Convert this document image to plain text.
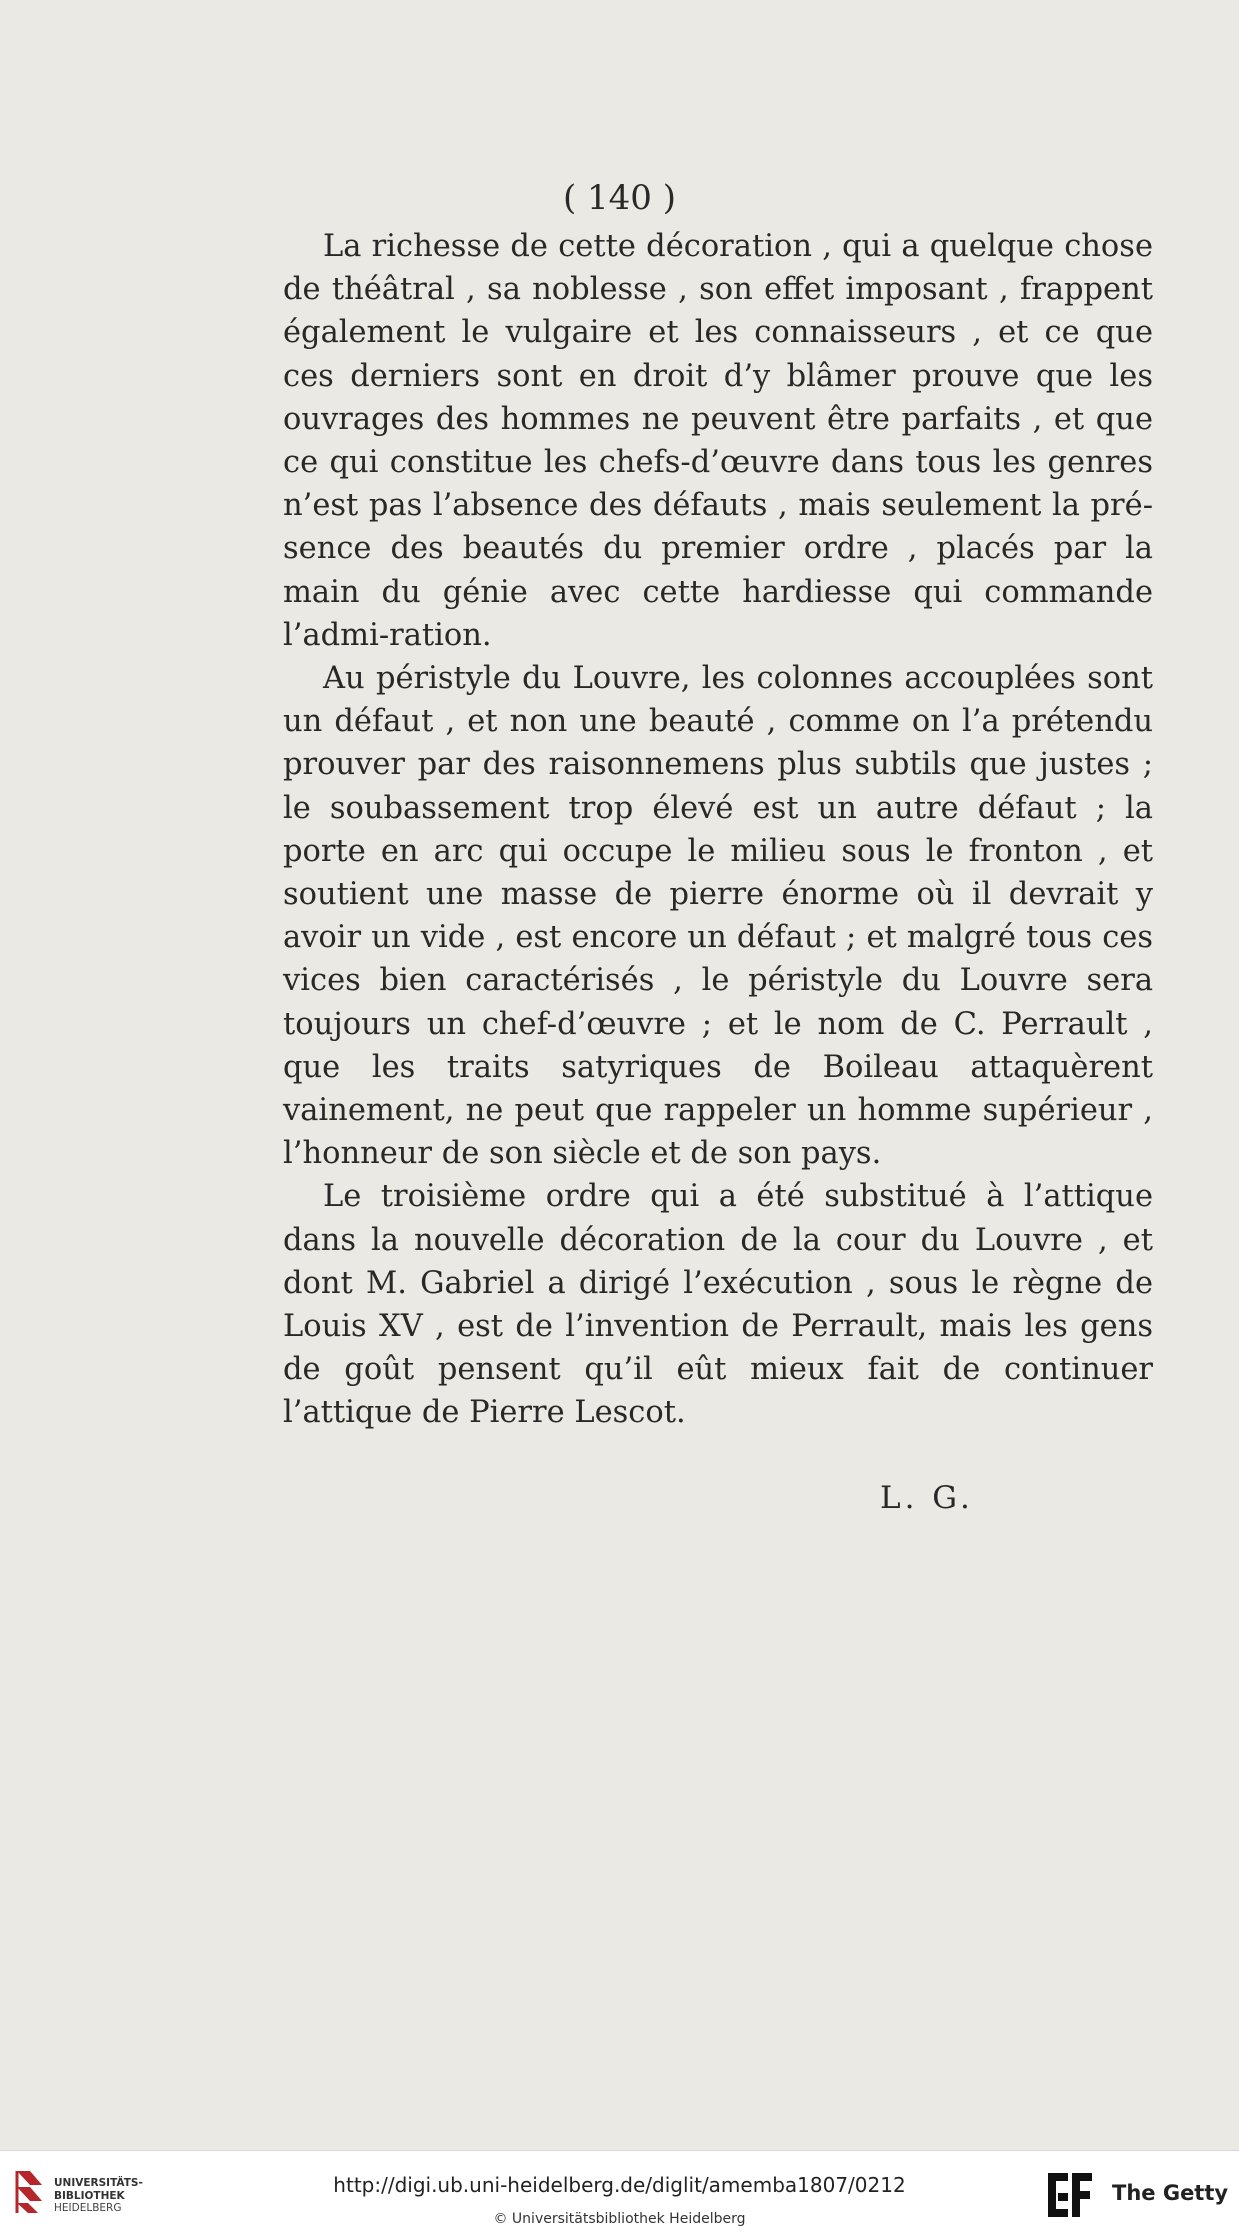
( 140 )

La richesse de cette décoration , qui a quelque chose de théâtral , sa noblesse , son effet imposant , frappent également le vulgaire et les connaisseurs , et ce que ces derniers sont en droit d’y blâmer prouve que les ouvrages des hommes ne peuvent être parfaits , et que ce qui constitue les chefs-d’œuvre dans tous les genres n’est pas l’absence des défauts , mais seulement la pré-sence des beautés du premier ordre , placés par la main du génie avec cette hardiesse qui commande l’admi-ration.

Au péristyle du Louvre, les colonnes accouplées sont un défaut , et non une beauté , comme on l’a prétendu prouver par des raisonnemens plus subtils que justes ; le soubassement trop élevé est un autre défaut ; la porte en arc qui occupe le milieu sous le fronton , et soutient une masse de pierre énorme où il devrait y avoir un vide , est encore un défaut ; et malgré tous ces vices bien caractérisés , le péristyle du Louvre sera toujours un chef-d’œuvre ; et le nom de C. Perrault , que les traits satyriques de Boileau attaquèrent vainement, ne peut que rappeler un homme supérieur , l’honneur de son siècle et de son pays.

Le troisième ordre qui a été substitué à l’attique dans la nouvelle décoration de la cour du Louvre , et dont M. Gabriel a dirigé l’exécution , sous le règne de Louis XV , est de l’invention de Perrault, mais les gens de goût pensent qu’il eût mieux fait de continuer l’attique de Pierre Lescot.

L. G.
UNIVERSITÄTS-
BIBLIOTHEK
HEIDELBERG
http://digi.ub.uni-heidelberg.de/diglit/amemba1807/0212
© Universitätsbibliothek Heidelberg
The Getty
